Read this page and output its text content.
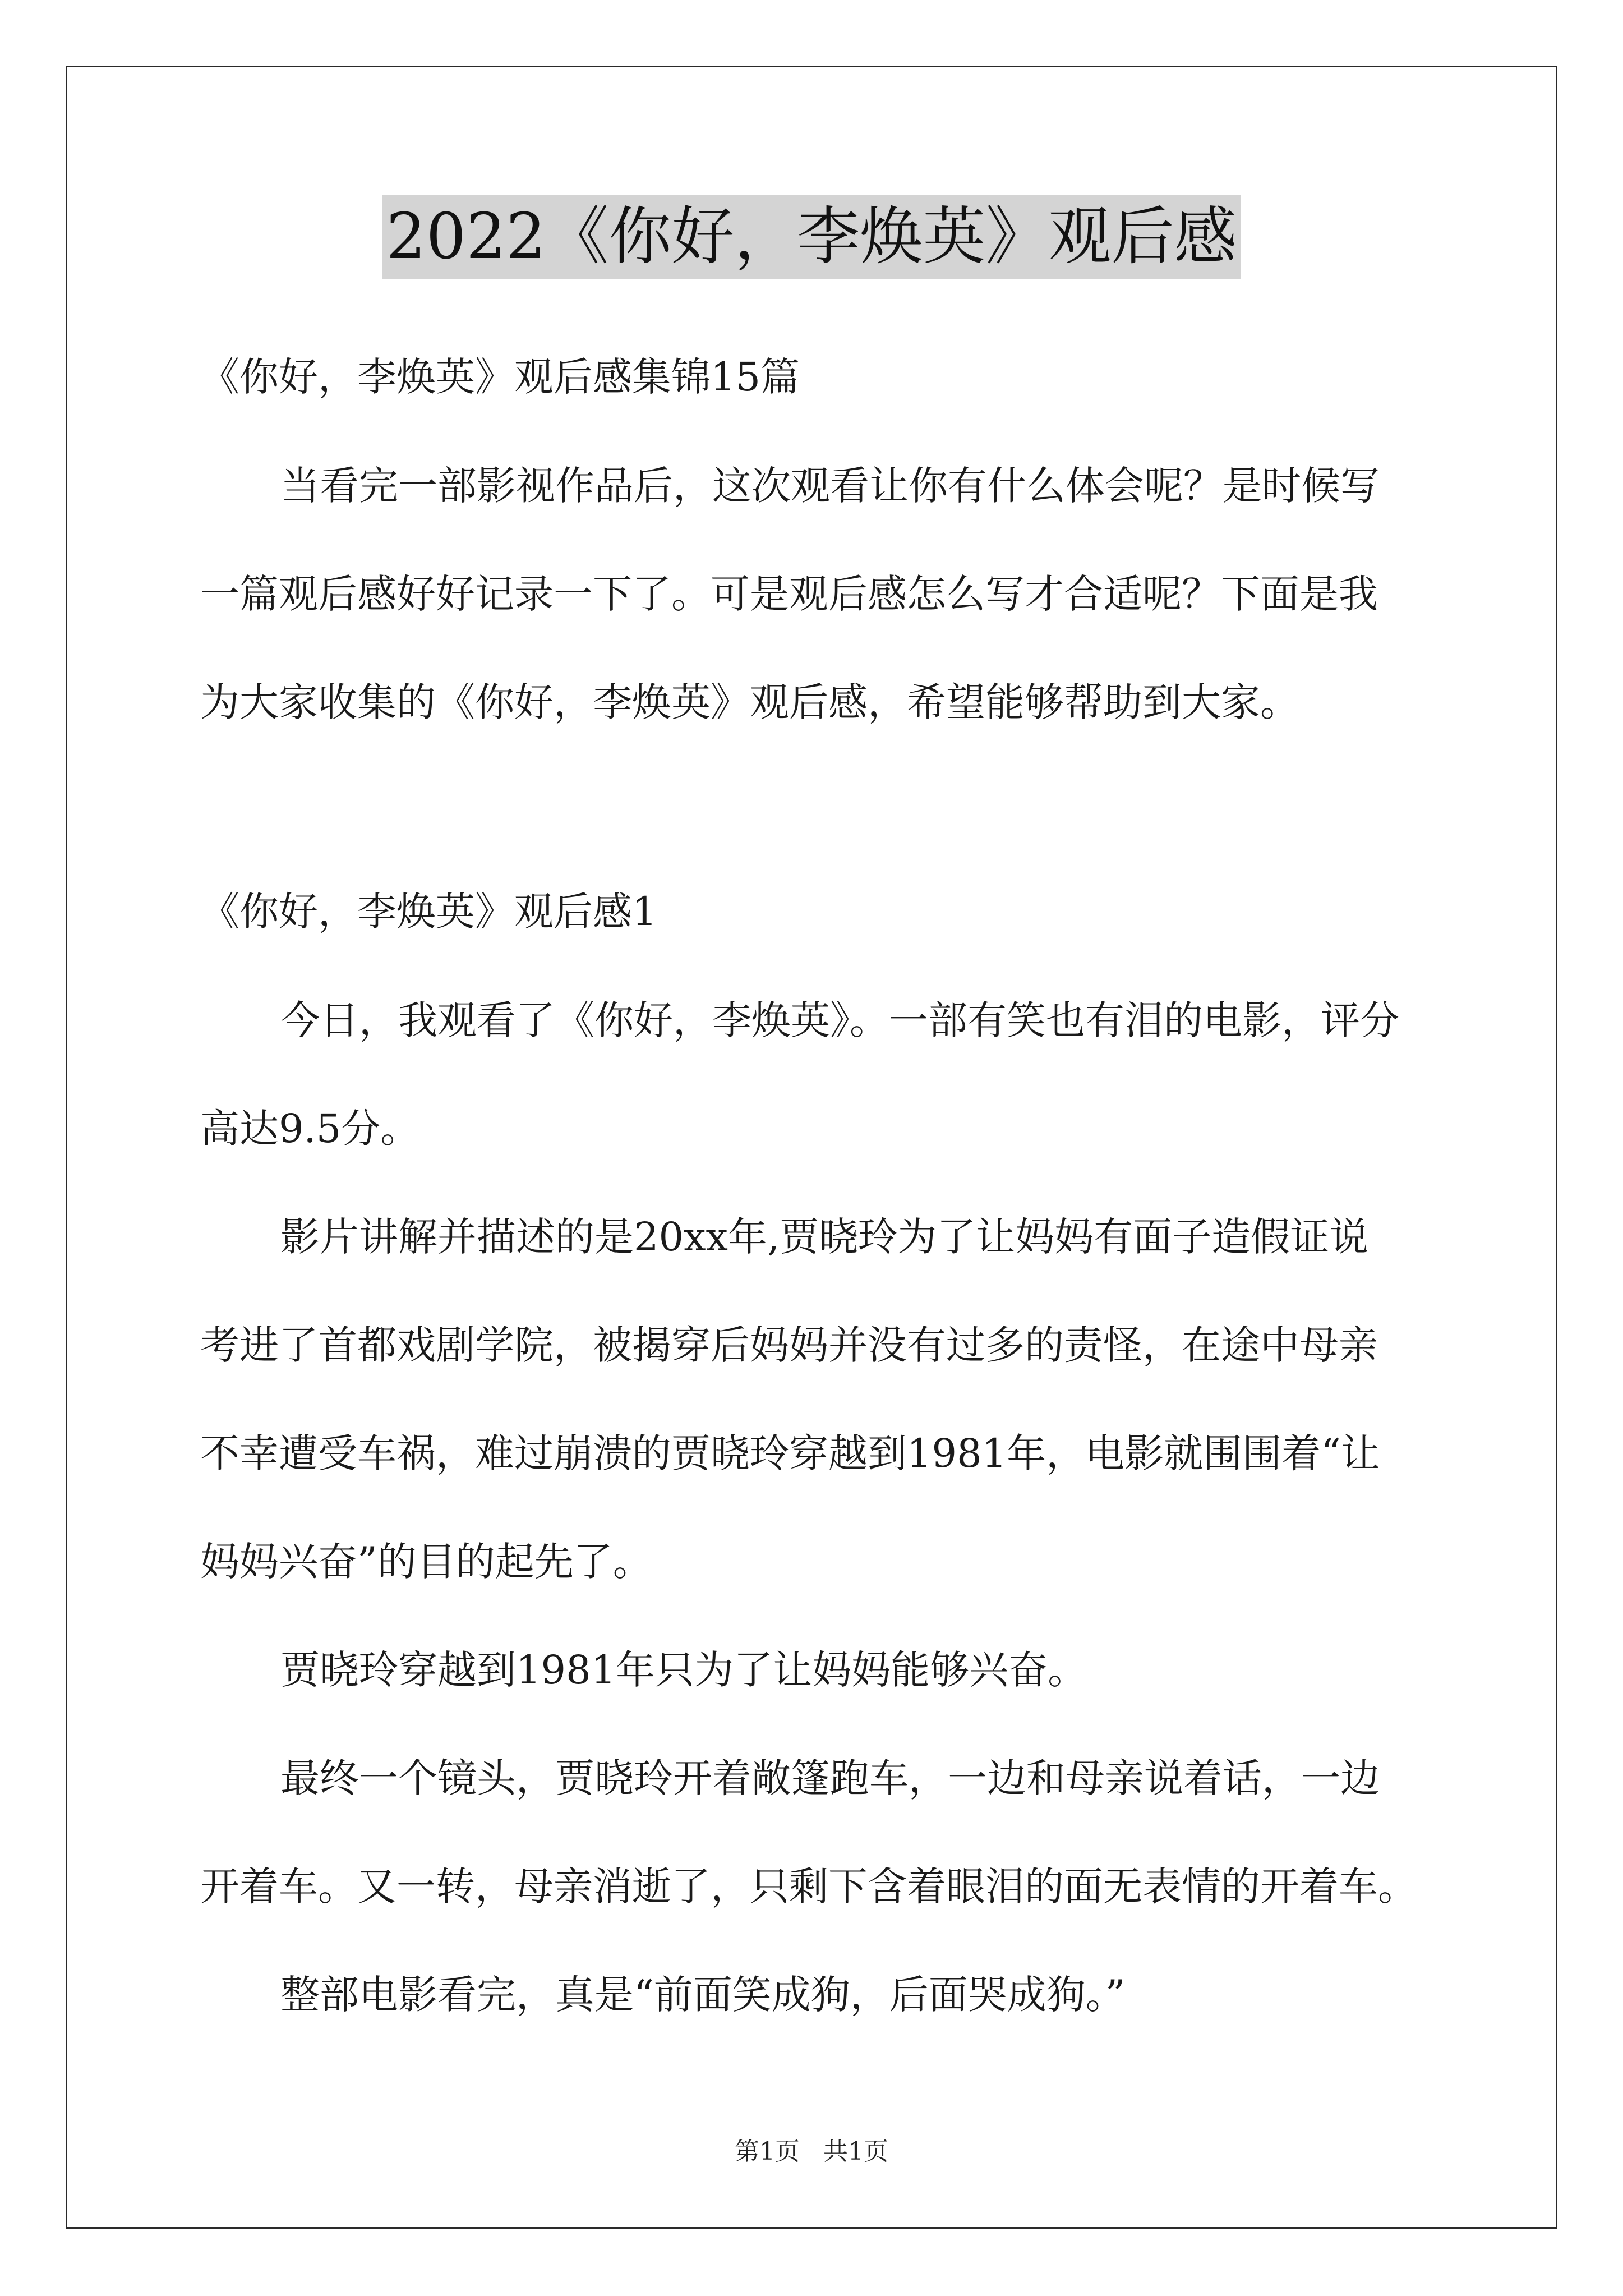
2022《你好，李焕英》观后感
《你好，李焕英》观后感集锦15篇
当看完一部影视作品后，这次观看让你有什么体会呢？是时候写
一篇观后感好好记录一下了。可是观后感怎么写才合适呢？下面是我
为大家收集的《你好，李焕英》观后感，希望能够帮助到大家。
《你好，李焕英》观后感1
今日，我观看了《你好，李焕英》。一部有笑也有泪的电影，评分
高达9.5分。
影片讲解并描述的是20xx年,贾晓玲为了让妈妈有面子造假证说
考进了首都戏剧学院，被揭穿后妈妈并没有过多的责怪，在途中母亲
不幸遭受车祸，难过崩溃的贾晓玲穿越到1981年，电影就围围着“让
妈妈兴奋”的目的起先了。
贾晓玲穿越到1981年只为了让妈妈能够兴奋。
最终一个镜头，贾晓玲开着敞篷跑车，一边和母亲说着话，一边
开着车。又一转，母亲消逝了，只剩下含着眼泪的面无表情的开着车。
整部电影看完，真是“前面笑成狗，后面哭成狗。”
第1页   共1页
